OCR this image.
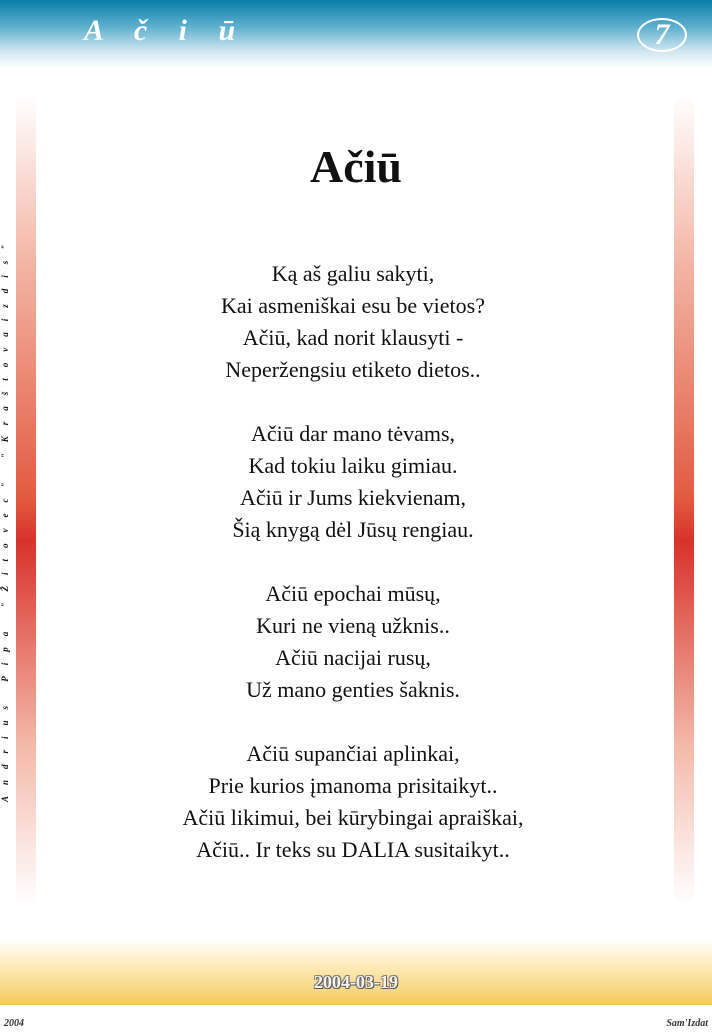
A č i ū	7
Andrius Pipa "Žitovec" "Kraštovaizdis"
Ačiū
Ką aš galiu sakyti,
Kai asmeniškai esu be vietos?
Ačiū, kad norit klausyti -
Neperžengsiu etiketo dietos..
Ačiū dar mano tėvams,
Kad tokiu laiku gimiau.
Ačiū ir Jums kiekvienam,
Šią knygą dėl Jūsų rengiau.
Ačiū epochai mūsų,
Kuri ne vieną užknis..
Ačiū nacijai rusų,
Už mano genties šaknis.
Ačiū supančiai aplinkai,
Prie kurios įmanoma prisitaikyt..
Ačiū likimui, bei kūrybingai apraiškai,
Ačiū.. Ir teks su DALIA susitaikyt..
2004-03-19
2004	Sam'Izdat
